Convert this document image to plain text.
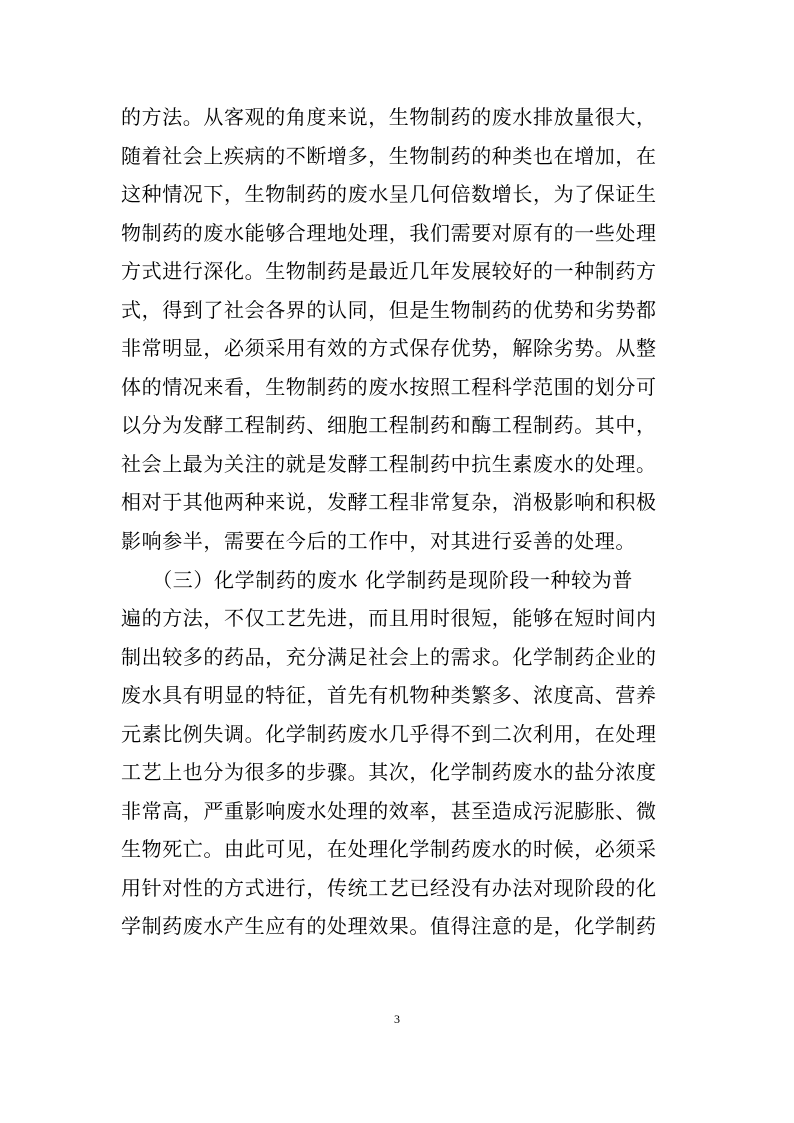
的方法。从客观的角度来说，生物制药的废水排放量很大，
随着社会上疾病的不断增多，生物制药的种类也在增加，在
这种情况下，生物制药的废水呈几何倍数增长，为了保证生
物制药的废水能够合理地处理，我们需要对原有的一些处理
方式进行深化。生物制药是最近几年发展较好的一种制药方
式，得到了社会各界的认同，但是生物制药的优势和劣势都
非常明显，必须采用有效的方式保存优势，解除劣势。从整
体的情况来看，生物制药的废水按照工程科学范围的划分可
以分为发酵工程制药、细胞工程制药和酶工程制药。其中，
社会上最为关注的就是发酵工程制药中抗生素废水的处理。
相对于其他两种来说，发酵工程非常复杂，消极影响和积极
影响参半，需要在今后的工作中，对其进行妥善的处理。
　　（三）化学制药的废水 化学制药是现阶段一种较为普
遍的方法，不仅工艺先进，而且用时很短，能够在短时间内
制出较多的药品，充分满足社会上的需求。化学制药企业的
废水具有明显的特征，首先有机物种类繁多、浓度高、营养
元素比例失调。化学制药废水几乎得不到二次利用，在处理
工艺上也分为很多的步骤。其次，化学制药废水的盐分浓度
非常高，严重影响废水处理的效率，甚至造成污泥膨胀、微
生物死亡。由此可见，在处理化学制药废水的时候，必须采
用针对性的方式进行，传统工艺已经没有办法对现阶段的化
学制药废水产生应有的处理效果。值得注意的是，化学制药
3
